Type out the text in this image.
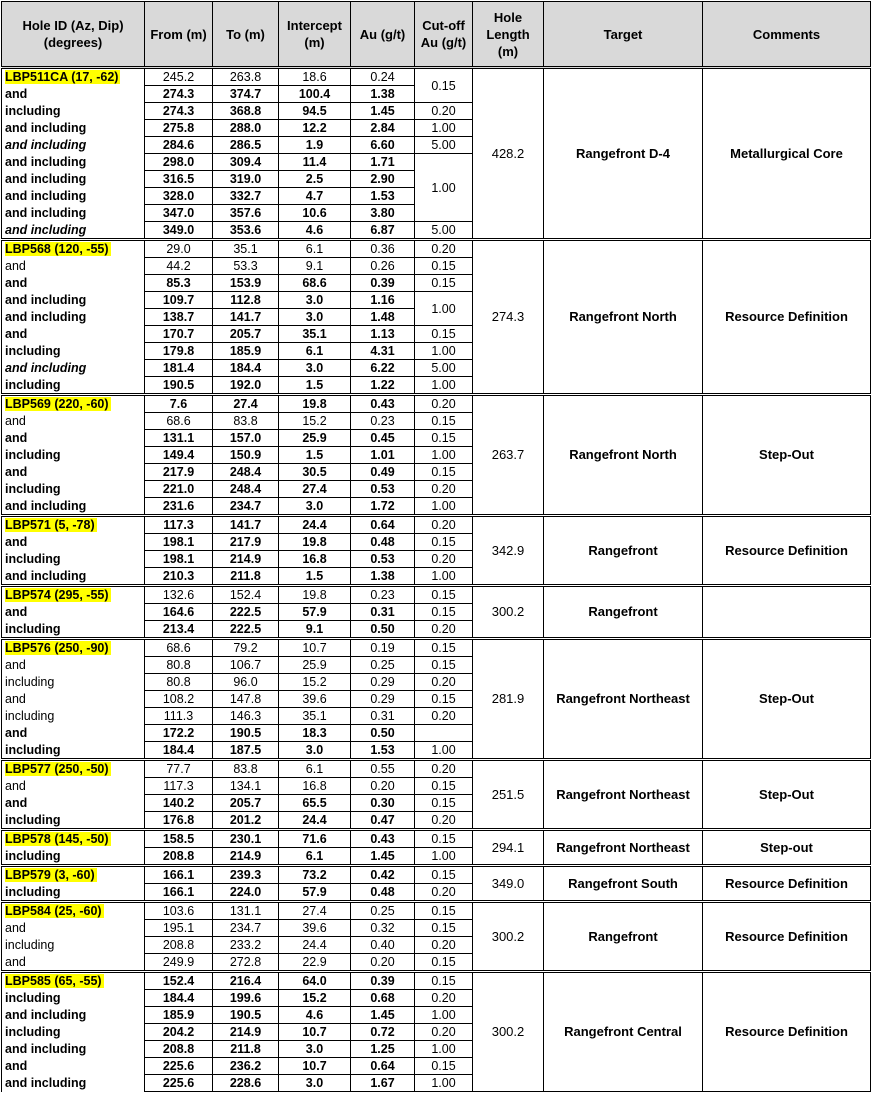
Hole ID (Az, Dip) (degrees)	From (m)	To (m)	Intercept (m)	Au (g/t)	Cut-off Au (g/t)	Hole Length (m)	Target	Comments
LBP511CA (17, -62)	245.2	263.8	18.6	0.24	0.15	428.2	Rangefront D-4	Metallurgical Core
and	274.3	374.7	100.4	1.38				
including	274.3	368.8	94.5	1.45	0.20			
and including	275.8	288.0	12.2	2.84	1.00			
and including	284.6	286.5	1.9	6.60	5.00			
and including	298.0	309.4	11.4	1.71	1.00			
and including	316.5	319.0	2.5	2.90				
and including	328.0	332.7	4.7	1.53				
and including	347.0	357.6	10.6	3.80				
and including	349.0	353.6	4.6	6.87	5.00			
LBP568 (120, -55)	29.0	35.1	6.1	0.36	0.20	274.3	Rangefront North	Resource Definition
and	44.2	53.3	9.1	0.26	0.15			
and	85.3	153.9	68.6	0.39	0.15			
and including	109.7	112.8	3.0	1.16	1.00			
and including	138.7	141.7	3.0	1.48				
and	170.7	205.7	35.1	1.13	0.15			
including	179.8	185.9	6.1	4.31	1.00			
and including	181.4	184.4	3.0	6.22	5.00			
including	190.5	192.0	1.5	1.22	1.00			
LBP569 (220, -60)	7.6	27.4	19.8	0.43	0.20	263.7	Rangefront North	Step-Out
and	68.6	83.8	15.2	0.23	0.15			
and	131.1	157.0	25.9	0.45	0.15			
including	149.4	150.9	1.5	1.01	1.00			
and	217.9	248.4	30.5	0.49	0.15			
including	221.0	248.4	27.4	0.53	0.20			
and including	231.6	234.7	3.0	1.72	1.00			
LBP571 (5, -78)	117.3	141.7	24.4	0.64	0.20	342.9	Rangefront	Resource Definition
and	198.1	217.9	19.8	0.48	0.15			
including	198.1	214.9	16.8	0.53	0.20			
and including	210.3	211.8	1.5	1.38	1.00			
LBP574 (295, -55)	132.6	152.4	19.8	0.23	0.15	300.2	Rangefront	
and	164.6	222.5	57.9	0.31	0.15			
including	213.4	222.5	9.1	0.50	0.20			
LBP576 (250, -90)	68.6	79.2	10.7	0.19	0.15	281.9	Rangefront Northeast	Step-Out
and	80.8	106.7	25.9	0.25	0.15			
including	80.8	96.0	15.2	0.29	0.20			
and	108.2	147.8	39.6	0.29	0.15			
including	111.3	146.3	35.1	0.31	0.20			
and	172.2	190.5	18.3	0.50				
including	184.4	187.5	3.0	1.53	1.00			
LBP577 (250, -50)	77.7	83.8	6.1	0.55	0.20	251.5	Rangefront Northeast	Step-Out
and	117.3	134.1	16.8	0.20	0.15			
and	140.2	205.7	65.5	0.30	0.15			
including	176.8	201.2	24.4	0.47	0.20			
LBP578 (145, -50)	158.5	230.1	71.6	0.43	0.15	294.1	Rangefront Northeast	Step-out
including	208.8	214.9	6.1	1.45	1.00			
LBP579 (3, -60)	166.1	239.3	73.2	0.42	0.15	349.0	Rangefront South	Resource Definition
including	166.1	224.0	57.9	0.48	0.20			
LBP584 (25, -60)	103.6	131.1	27.4	0.25	0.15	300.2	Rangefront	Resource Definition
and	195.1	234.7	39.6	0.32	0.15			
including	208.8	233.2	24.4	0.40	0.20			
and	249.9	272.8	22.9	0.20	0.15			
LBP585 (65, -55)	152.4	216.4	64.0	0.39	0.15	300.2	Rangefront Central	Resource Definition
including	184.4	199.6	15.2	0.68	0.20			
and including	185.9	190.5	4.6	1.45	1.00			
including	204.2	214.9	10.7	0.72	0.20			
and including	208.8	211.8	3.0	1.25	1.00			
and	225.6	236.2	10.7	0.64	0.15			
and including	225.6	228.6	3.0	1.67	1.00			
